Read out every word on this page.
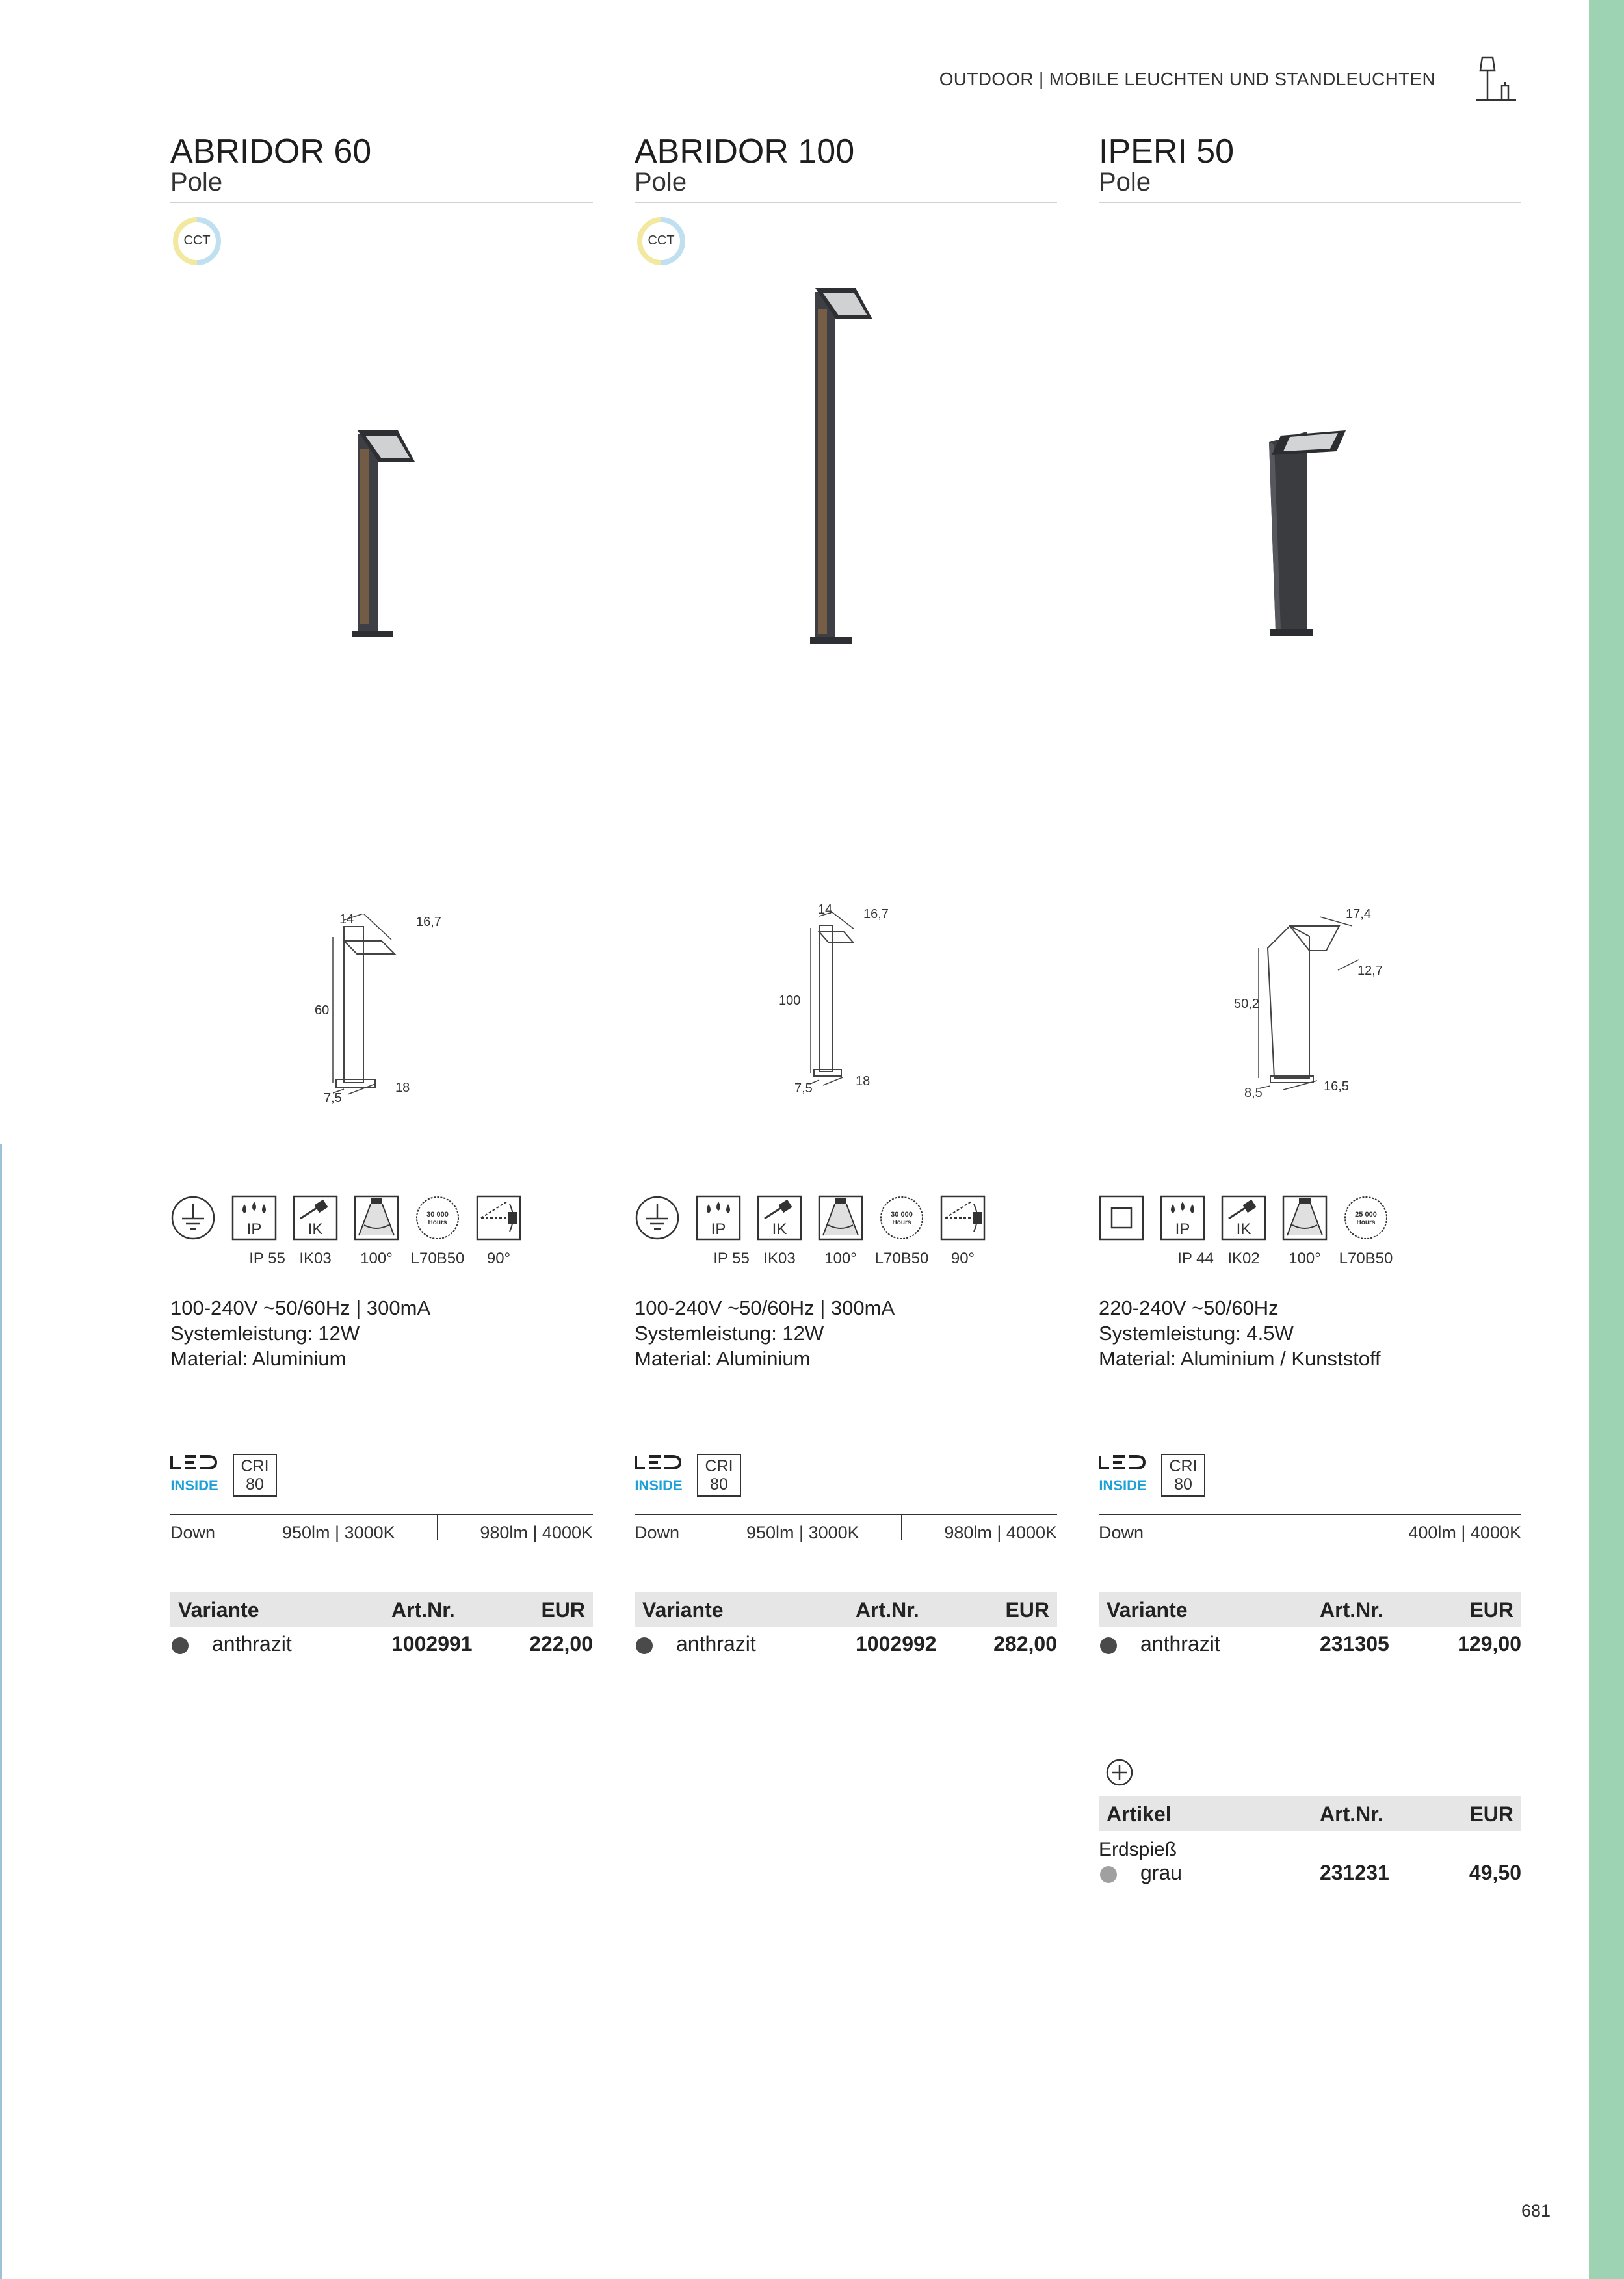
OUTDOOR | MOBILE LEUCHTEN UND STANDLEUCHTEN
ABRIDOR 60
Pole
CCT
14	16,7
60
7,5
18
IP	IK
30 000
Hours
IP 55 IK03	100°	L70B50	90°
100-240V ~50/60Hz | 300mA
Systemleistung: 12W
Material: Aluminium
INSIDE
CRI
80
Down	950lm | 3000K	980lm | 4000K
Variante	Art.Nr.	EUR
anthrazit	1002991	222,00
ABRIDOR 100
Pole
CCT
14 16,7
100
7,5	18
IP	IK
30 000
Hours
IP 55 IK03	100°	L70B50	90°
100-240V ~50/60Hz | 300mA
Systemleistung: 12W
Material: Aluminium
INSIDE
CRI
80
Down	950lm | 3000K	980lm | 4000K
Variante	Art.Nr.	EUR
anthrazit	1002992	282,00
IPERI 50
Pole
17,4
12,7
50,2
8,5	16,5
IP	IK
25 000
Hours
IP 44 IK02	100°	L70B50
220-240V ~50/60Hz
Systemleistung: 4.5W
Material: Aluminium / Kunststoff
INSIDE
CRI
80
Down	400lm | 4000K
Variante	Art.Nr.	EUR
anthrazit	231305	129,00
Artikel	Art.Nr.	EUR
Erdspieß
grau	231231	49,50
681
